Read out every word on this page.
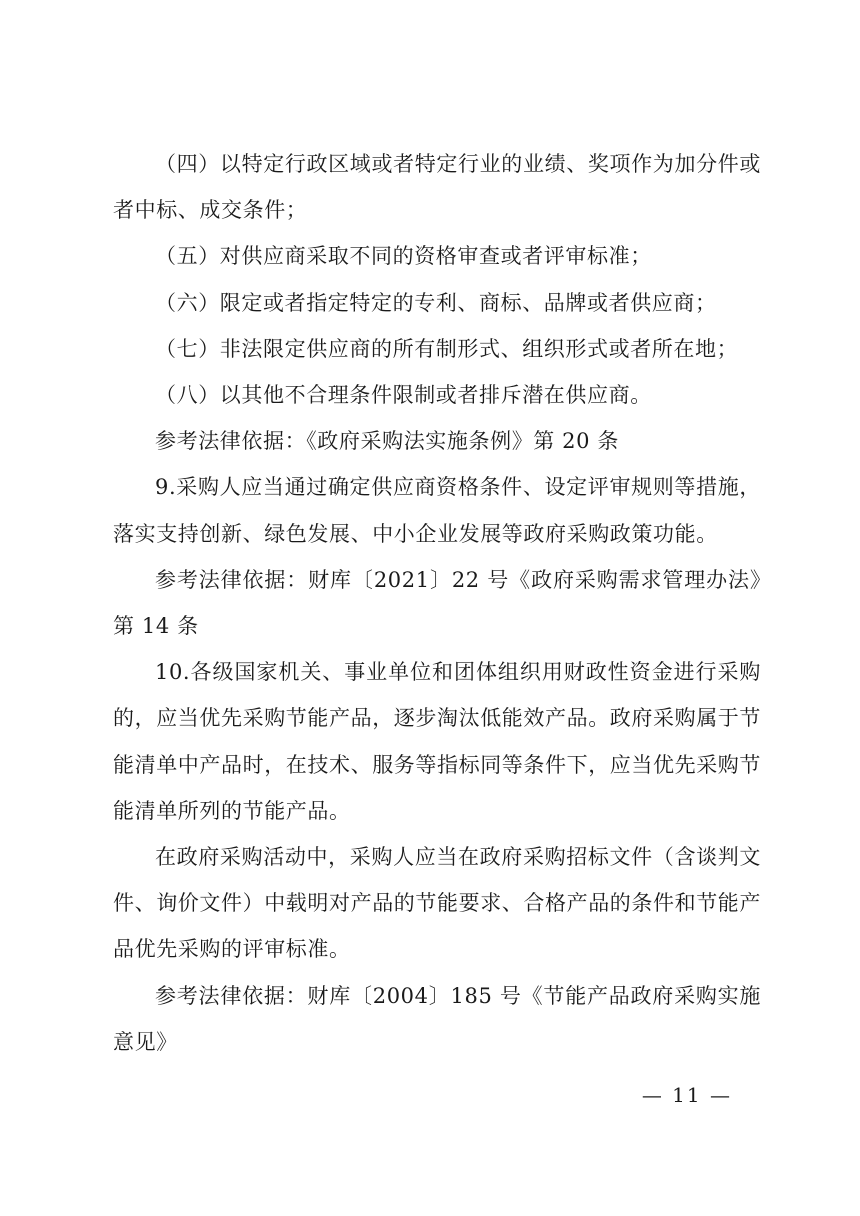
（四）以特定行政区域或者特定行业的业绩、奖项作为加分件或者中标、成交条件；

（五）对供应商采取不同的资格审查或者评审标准；

（六）限定或者指定特定的专利、商标、品牌或者供应商；

（七）非法限定供应商的所有制形式、组织形式或者所在地；

（八）以其他不合理条件限制或者排斥潜在供应商。

参考法律依据：《政府采购法实施条例》第 20 条

9.采购人应当通过确定供应商资格条件、设定评审规则等措施，落实支持创新、绿色发展、中小企业发展等政府采购政策功能。

参考法律依据：财库〔2021〕22 号《政府采购需求管理办法》第 14 条

10.各级国家机关、事业单位和团体组织用财政性资金进行采购的，应当优先采购节能产品，逐步淘汰低能效产品。政府采购属于节能清单中产品时，在技术、服务等指标同等条件下，应当优先采购节能清单所列的节能产品。

在政府采购活动中，采购人应当在政府采购招标文件（含谈判文件、询价文件）中载明对产品的节能要求、合格产品的条件和节能产品优先采购的评审标准。

参考法律依据：财库〔2004〕185 号《节能产品政府采购实施意见》

— 11 —
